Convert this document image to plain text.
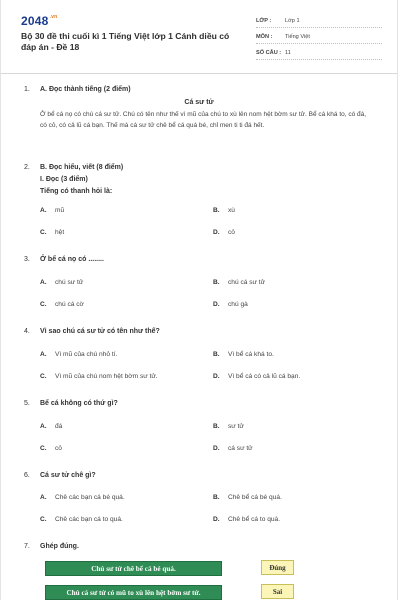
$2048^{.vn}$
Bộ 30 đề thi cuối kì 1 Tiếng Việt lớp 1 Cánh diều có đáp án - Đề 18
LỚP :	Lớp 1
MÔN :	Tiếng Việt
SỐ CÂU : 11
1. A. Đọc thành tiếng (2 điểm)
Cá sư tử
Ở bể cá nọ có chú cá sư tử. Chú có tên như thế vì mũ của chú to xù lên nom hệt bờm sư tử. Bể cá khá to, có đá, có cỏ, có cả lũ cá bạn. Thế mà cá sư tử chê bể cá quá bé, chỉ men ti ti đá hết.
2. B. Đọc hiểu, viết (8 điểm)
I. Đọc (3 điểm)
Tiếng có thanh hỏi là:
A. mũ	B. xù
C. hệt	D. cỏ
3. Ở bể cá nọ có ........
A. chú sư tử	B. chú cá sư tử
C. chú cá cờ	D. chú gà
4. Vì sao chú cá sư tử có tên như thế?
A. Vì mũ của chú nhỏ tí.	B. Vì bể cá khá to.
C. Vì mũ của chú nom hệt bờm sư tử.	D. Vì bể cá có cả lũ cá bạn.
5. Bể cá không có thứ gì?
A. đá	B. sư tử
C. cỏ	D. cá sư tử
6. Cá sư tử chê gì?
A. Chê các bạn cá bé quá.	B. Chê bể cá bé quá.
C. Chê các bạn cá to quá.	D. Chê bể cá to quá.
7. Ghép đúng.
Chú sư tử chê bể cá bé quá.	Đúng
Chú cá sư tử có mũ to xù lên hệt bờm sư tử.	Sai
